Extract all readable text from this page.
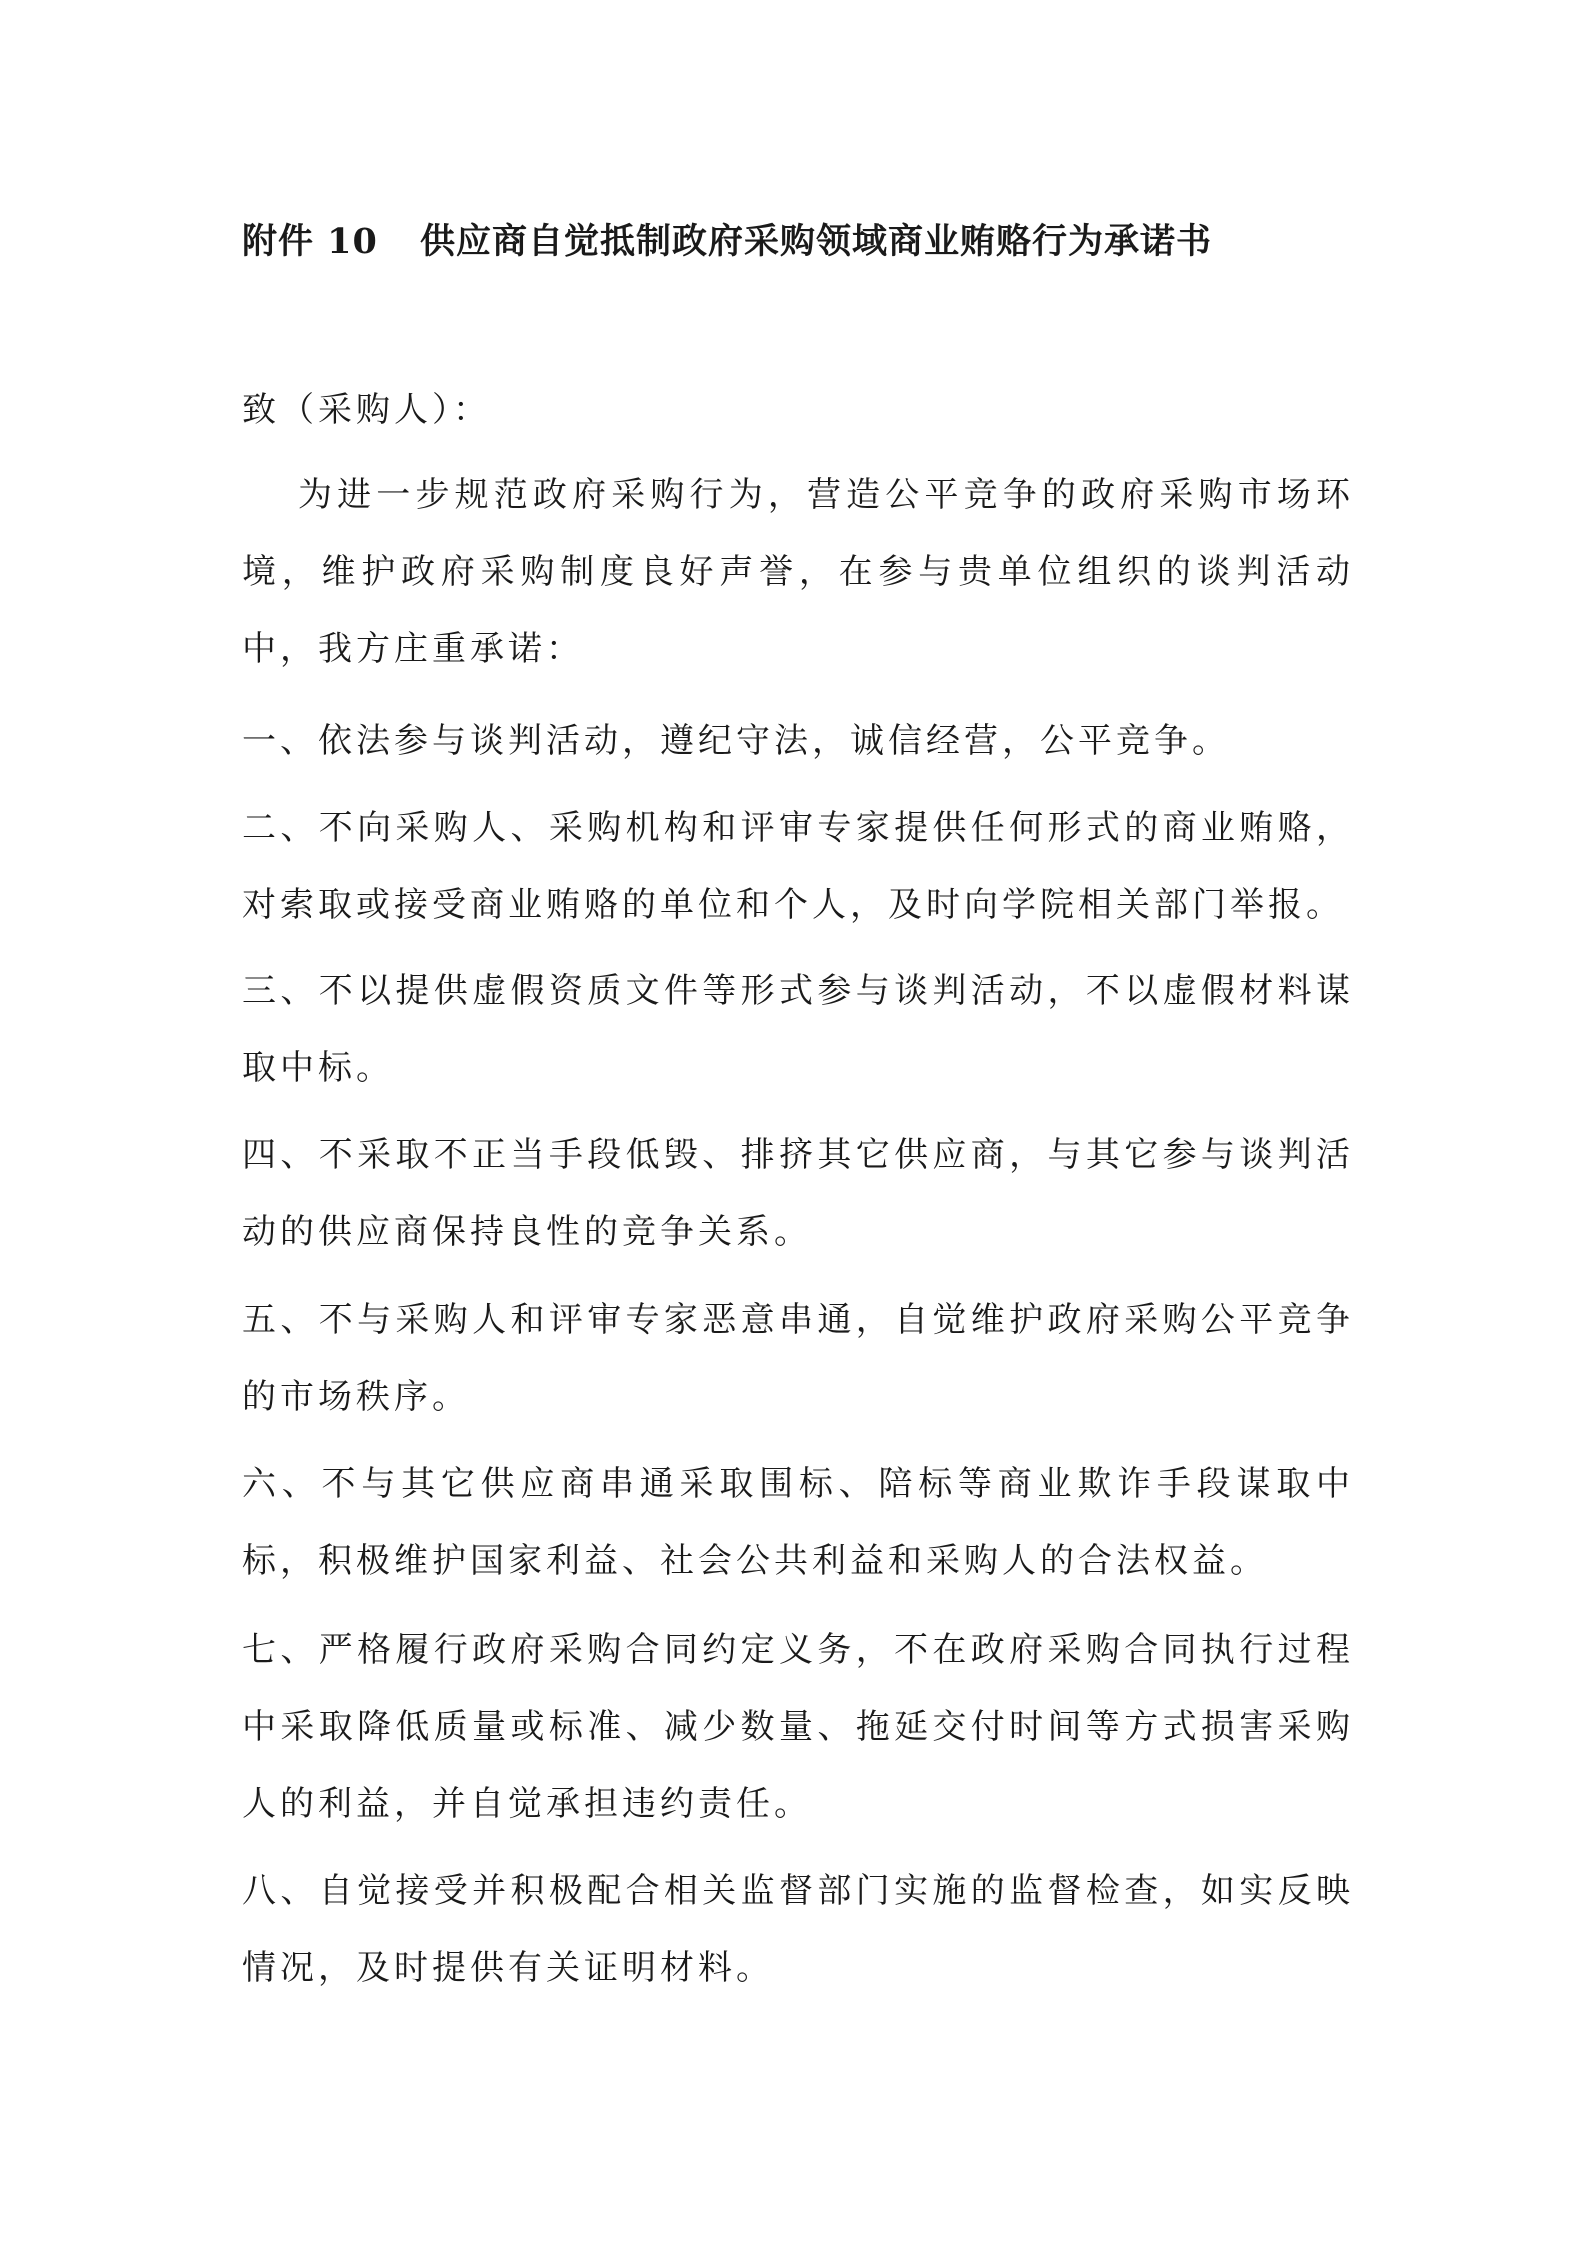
附件 10 供应商自觉抵制政府采购领域商业贿赂行为承诺书

致（采购人）：

为进一步规范政府采购行为，营造公平竞争的政府采购市场环境，维护政府采购制度良好声誉，在参与贵单位组织的谈判活动中，我方庄重承诺：

一、依法参与谈判活动，遵纪守法，诚信经营，公平竞争。

二、不向采购人、采购机构和评审专家提供任何形式的商业贿赂，对索取或接受商业贿赂的单位和个人，及时向学院相关部门举报。

三、不以提供虚假资质文件等形式参与谈判活动，不以虚假材料谋取中标。

四、不采取不正当手段低毁、排挤其它供应商，与其它参与谈判活动的供应商保持良性的竞争关系。

五、不与采购人和评审专家恶意串通，自觉维护政府采购公平竞争的市场秩序。

六、不与其它供应商串通采取围标、陪标等商业欺诈手段谋取中标，积极维护国家利益、社会公共利益和采购人的合法权益。

七、严格履行政府采购合同约定义务，不在政府采购合同执行过程中采取降低质量或标准、减少数量、拖延交付时间等方式损害采购人的利益，并自觉承担违约责任。

八、自觉接受并积极配合相关监督部门实施的监督检查，如实反映情况，及时提供有关证明材料。
